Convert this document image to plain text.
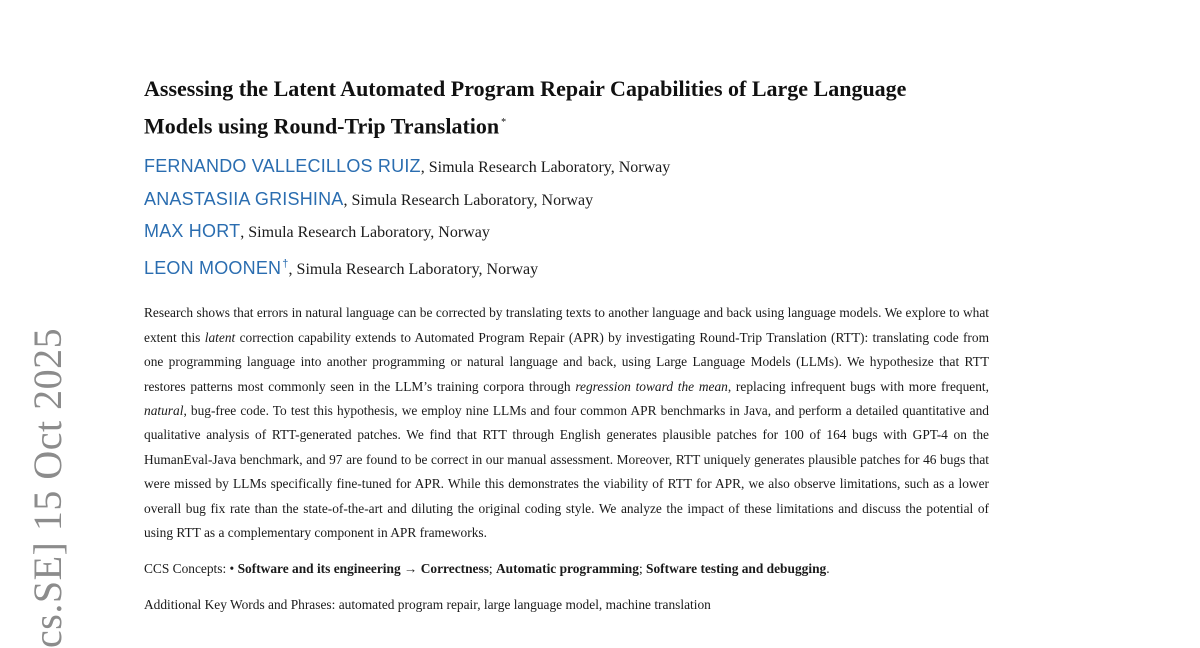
cs.SE] 15 Oct 2025
Assessing the Latent Automated Program Repair Capabilities of Large Language
Models using Round-Trip Translation *
FERNANDO VALLECILLOS RUIZ, Simula Research Laboratory, Norway
ANASTASIIA GRISHINA, Simula Research Laboratory, Norway
MAX HORT, Simula Research Laboratory, Norway
LEON MOONEN†, Simula Research Laboratory, Norway

Research shows that errors in natural language can be corrected by translating texts to another language and back using language models. We explore to what extent this latent correction capability extends to Automated Program Repair (APR) by investigating Round-Trip Translation (RTT): translating code from one programming language into another programming or natural language and back, using Large Language Models (LLMs). We hypothesize that RTT restores patterns most commonly seen in the LLM’s training corpora through regression toward the mean, replacing infrequent bugs with more frequent, natural, bug-free code. To test this hypothesis, we employ nine LLMs and four common APR benchmarks in Java, and perform a detailed quantitative and qualitative analysis of RTT-generated patches. We find that RTT through English generates plausible patches for 100 of 164 bugs with GPT-4 on the HumanEval-Java benchmark, and 97 are found to be correct in our manual assessment. Moreover, RTT uniquely generates plausible patches for 46 bugs that were missed by LLMs specifically fine-tuned for APR. While this demonstrates the viability of RTT for APR, we also observe limitations, such as a lower overall bug fix rate than the state-of-the-art and diluting the original coding style. We analyze the impact of these limitations and discuss the potential of using RTT as a complementary component in APR frameworks.

CCS Concepts: • Software and its engineering → Correctness; Automatic programming; Software testing and debugging.

Additional Key Words and Phrases: automated program repair, large language model, machine translation
